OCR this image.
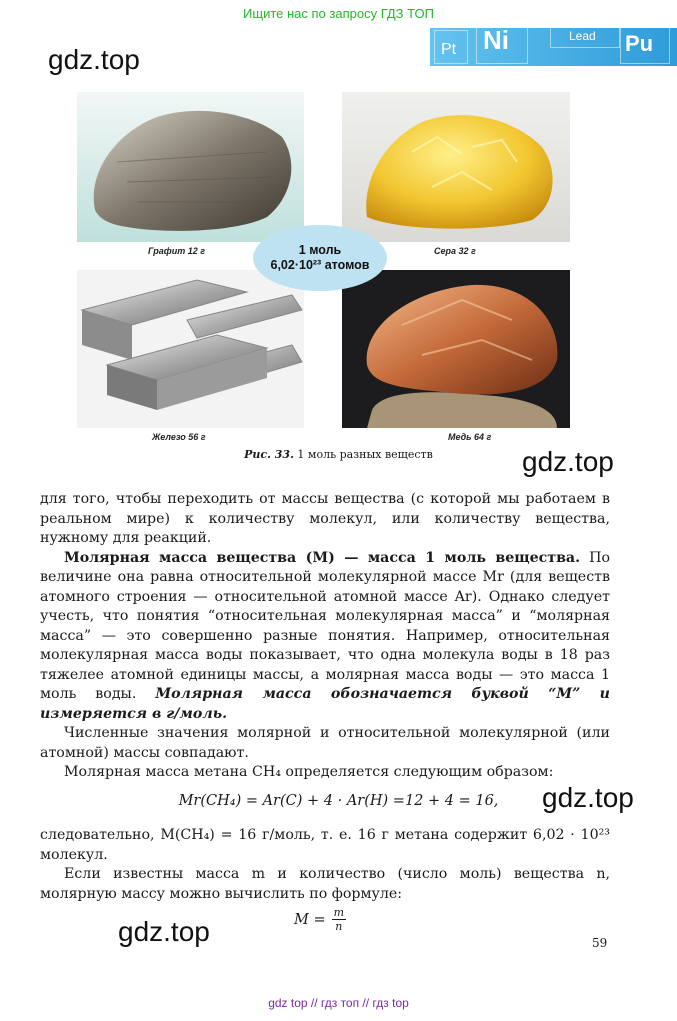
Ищите нас по запросу ГДЗ ТОП
Pt	Ni	Lead	Pu
gdz.top
Графит 12 г	Сера 32 г
Железо 56 г	Медь 64 г
1 моль
6,02·10²³ атомов
Рис. 33. 1 моль разных веществ	gdz.top

для того, чтобы переходить от массы вещества (с которой мы работаем в реальном мире) к количеству молекул, или количеству вещества, нужному для реакций.

Молярная масса вещества (М) — масса 1 моль вещества. По величине она равна относительной молекулярной массе Mr (для веществ атомного строения — относительной атомной массе Ar). Однако следует учесть, что понятия “относительная молекулярная масса” и “молярная масса” — это совершенно разные понятия. Например, относительная молекулярная масса воды показывает, что одна молекула воды в 18 раз тяжелее атомной единицы массы, а молярная масса воды — это масса 1 моль воды. Молярная масса обозначается буквой “М” и измеряется в г/моль.

Численные значения молярной и относительной молекулярной (или атомной) массы совпадают.

Молярная масса метана CH₄ определяется следующим образом:

Mr(CH₄) = Ar(C) + 4 · Ar(H) =12 + 4 = 16,	gdz.top

следовательно, M(CH₄) = 16 г/моль, т. е. 16 г метана содержит 6,02 · 10²³ молекул.

Если известны масса m и количество (число моль) вещества n, молярную массу можно вычислить по формуле:

$M = \frac{m}{n}$
gdz.top	59
gdz top // гдз топ // гдз top
